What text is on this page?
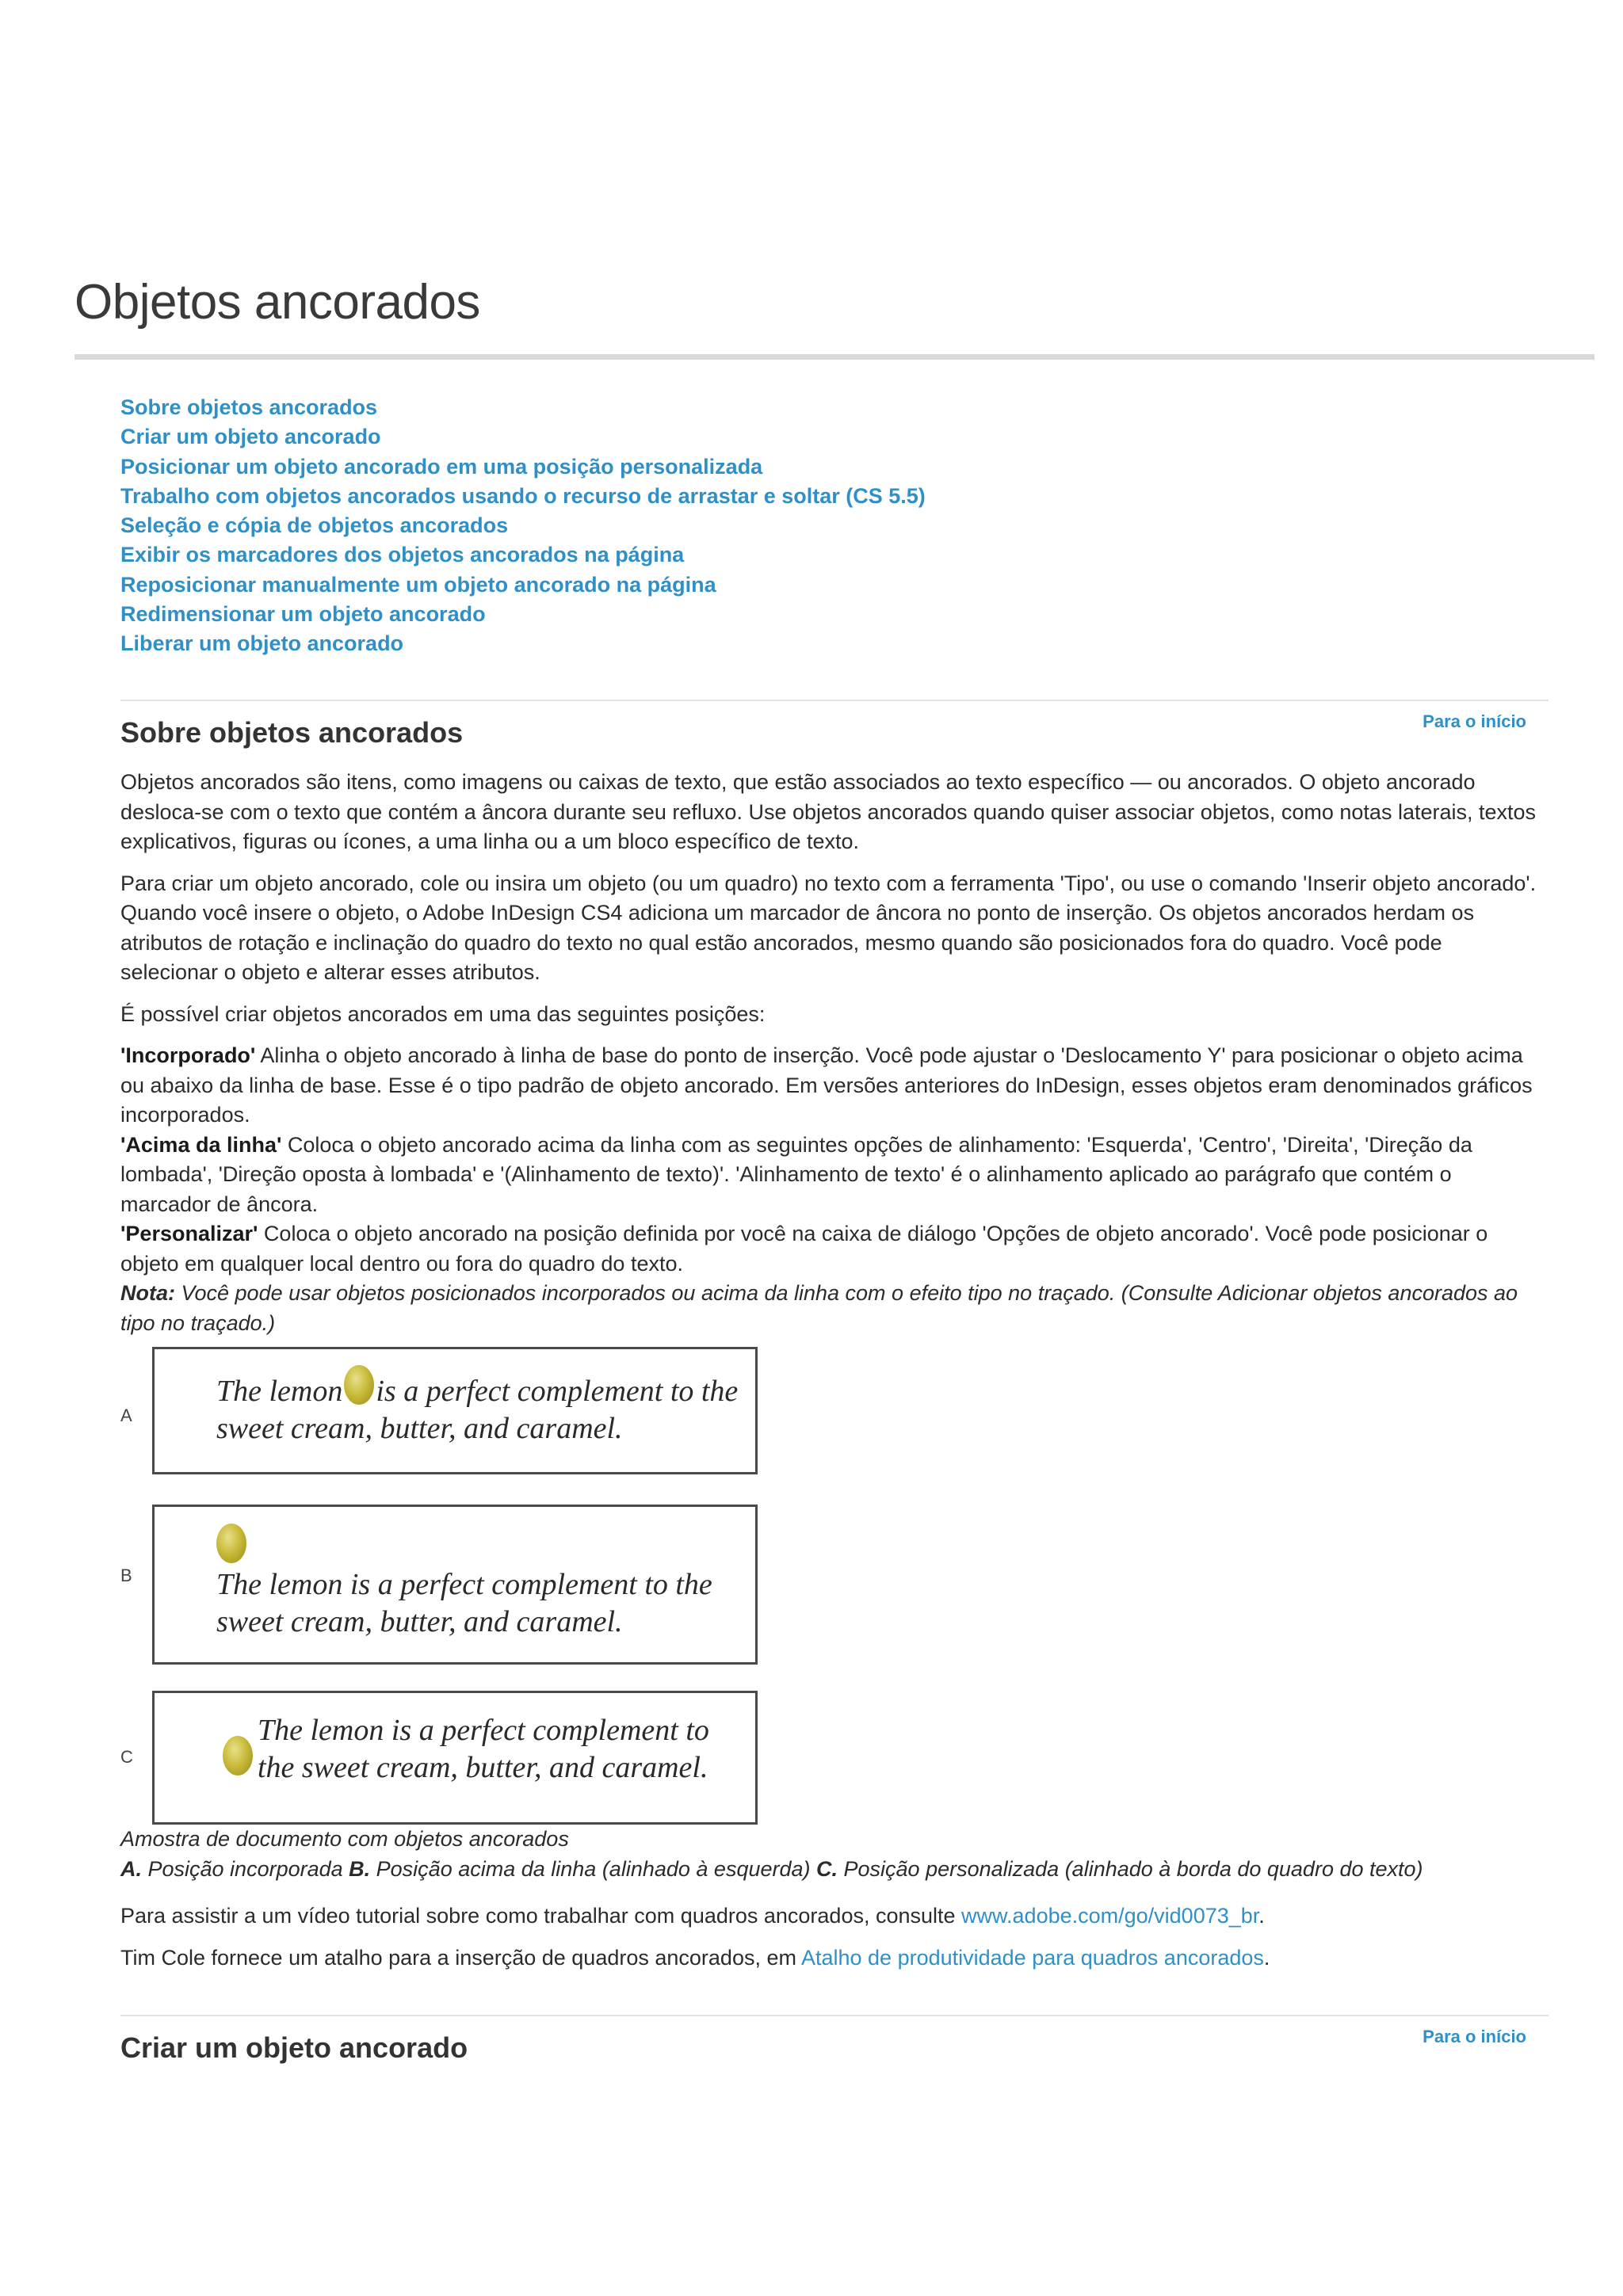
Objetos ancorados
Sobre objetos ancorados
Criar um objeto ancorado
Posicionar um objeto ancorado em uma posição personalizada
Trabalho com objetos ancorados usando o recurso de arrastar e soltar (CS 5.5)
Seleção e cópia de objetos ancorados
Exibir os marcadores dos objetos ancorados na página
Reposicionar manualmente um objeto ancorado na página
Redimensionar um objeto ancorado
Liberar um objeto ancorado
Sobre objetos ancorados	Para o início

Objetos ancorados são itens, como imagens ou caixas de texto, que estão associados ao texto específico — ou ancorados. O objeto ancorado desloca-se com o texto que contém a âncora durante seu refluxo. Use objetos ancorados quando quiser associar objetos, como notas laterais, textos explicativos, figuras ou ícones, a uma linha ou a um bloco específico de texto.

Para criar um objeto ancorado, cole ou insira um objeto (ou um quadro) no texto com a ferramenta 'Tipo', ou use o comando 'Inserir objeto ancorado'. Quando você insere o objeto, o Adobe InDesign CS4 adiciona um marcador de âncora no ponto de inserção. Os objetos ancorados herdam os atributos de rotação e inclinação do quadro do texto no qual estão ancorados, mesmo quando são posicionados fora do quadro. Você pode selecionar o objeto e alterar esses atributos.

É possível criar objetos ancorados em uma das seguintes posições:

'Incorporado' Alinha o objeto ancorado à linha de base do ponto de inserção. Você pode ajustar o 'Deslocamento Y' para posicionar o objeto acima ou abaixo da linha de base. Esse é o tipo padrão de objeto ancorado. Em versões anteriores do InDesign, esses objetos eram denominados gráficos incorporados.

'Acima da linha' Coloca o objeto ancorado acima da linha com as seguintes opções de alinhamento: 'Esquerda', 'Centro', 'Direita', 'Direção da lombada', 'Direção oposta à lombada' e '(Alinhamento de texto)'. 'Alinhamento de texto' é o alinhamento aplicado ao parágrafo que contém o marcador de âncora.

'Personalizar' Coloca o objeto ancorado na posição definida por você na caixa de diálogo 'Opções de objeto ancorado'. Você pode posicionar o objeto em qualquer local dentro ou fora do quadro do texto.

Nota: Você pode usar objetos posicionados incorporados ou acima da linha com o efeito tipo no traçado. (Consulte Adicionar objetos ancorados ao tipo no traçado.)

A
The lemon is a perfect complement to the
sweet cream, butter, and caramel.
B	The lemon is a perfect complement to the
sweet cream, butter, and caramel.
C
The lemon is a perfect complement to
the sweet cream, butter, and caramel.
Amostra de documento com objetos ancorados
A. Posição incorporada B. Posição acima da linha (alinhado à esquerda) C. Posição personalizada (alinhado à borda do quadro do texto)

Para assistir a um vídeo tutorial sobre como trabalhar com quadros ancorados, consulte www.adobe.com/go/vid0073_br.

Tim Cole fornece um atalho para a inserção de quadros ancorados, em Atalho de produtividade para quadros ancorados.

Criar um objeto ancorado	Para o início
